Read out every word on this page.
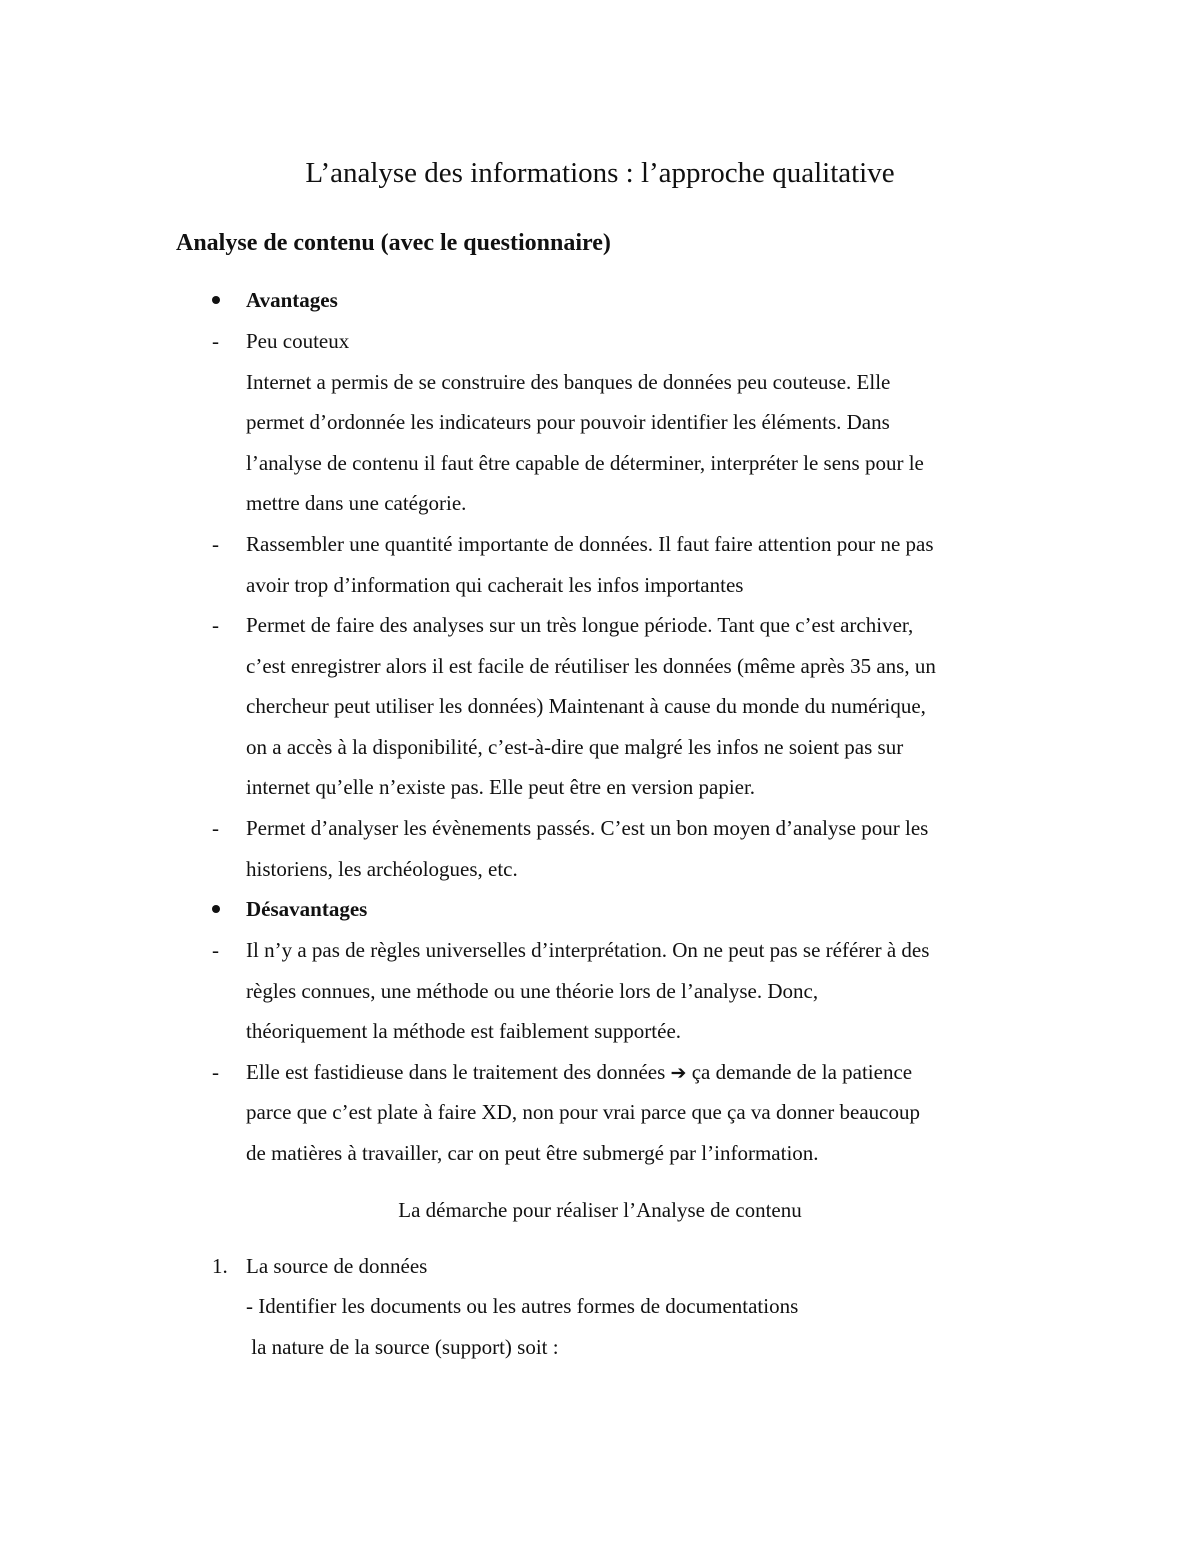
L’analyse des informations : l’approche qualitative
Analyse de contenu (avec le questionnaire)
Avantages
- Peu couteux
Internet a permis de se construire des banques de données peu couteuse. Elle
permet d’ordonnée les indicateurs pour pouvoir identifier les éléments. Dans
l’analyse de contenu il faut être capable de déterminer, interpréter le sens pour le
mettre dans une catégorie.
- Rassembler une quantité importante de données. Il faut faire attention pour ne pas
avoir trop d’information qui cacherait les infos importantes
- Permet de faire des analyses sur un très longue période. Tant que c’est archiver,
c’est enregistrer alors il est facile de réutiliser les données (même après 35 ans, un
chercheur peut utiliser les données) Maintenant à cause du monde du numérique,
on a accès à la disponibilité, c’est-à-dire que malgré les infos ne soient pas sur
internet qu’elle n’existe pas. Elle peut être en version papier.
- Permet d’analyser les évènements passés. C’est un bon moyen d’analyse pour les
historiens, les archéologues, etc.
Désavantages
- Il n’y a pas de règles universelles d’interprétation. On ne peut pas se référer à des
règles connues, une méthode ou une théorie lors de l’analyse. Donc,
théoriquement la méthode est faiblement supportée.
- Elle est fastidieuse dans le traitement des données ➔ ça demande de la patience
parce que c’est plate à faire XD, non pour vrai parce que ça va donner beaucoup
de matières à travailler, car on peut être submergé par l’information.
La démarche pour réaliser l’Analyse de contenu
1. La source de données
- Identifier les documents ou les autres formes de documentations
la nature de la source (support) soit :
